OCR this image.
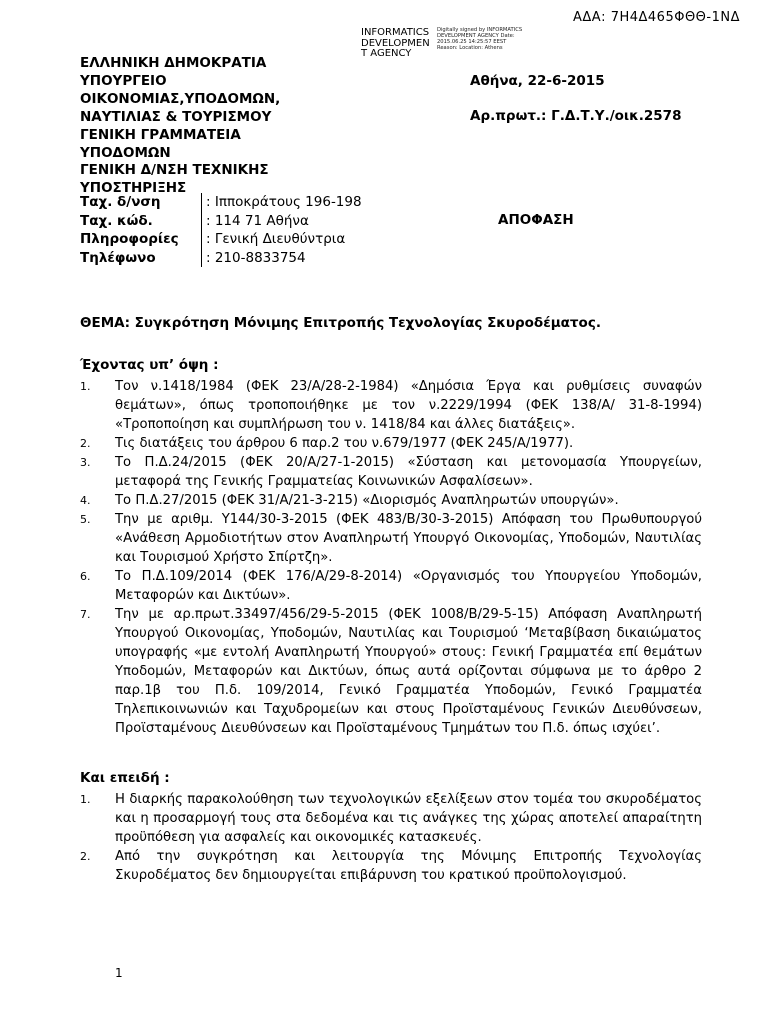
ΑΔΑ: 7Η4Δ465ΦΘΘ-1ΝΔ
INFORMATICS DEVELOPMEN T AGENCY
Digitally signed by INFORMATICS DEVELOPMENT AGENCY Date: 2015.06.25 14:25:57 EEST Reason: Location: Athens
ΕΛΛΗΝΙΚΗ ΔΗΜΟΚΡΑΤΙΑ
ΥΠΟΥΡΓΕΙΟ
ΟΙΚΟΝΟΜΙΑΣ,ΥΠΟΔΟΜΩΝ,
ΝΑΥΤΙΛΙΑΣ & ΤΟΥΡΙΣΜΟΥ
ΓΕΝΙΚΗ ΓΡΑΜΜΑΤΕΙΑ
ΥΠΟΔΟΜΩΝ
ΓΕΝΙΚΗ Δ/ΝΣΗ ΤΕΧΝΙΚΗΣ
ΥΠΟΣΤΗΡΙΞΗΣ
Αθήνα, 22-6-2015
Αρ.πρωτ.: Γ.Δ.Τ.Υ./οικ.2578
Ταχ. δ/νση	: Ιπποκράτους 196-198
Ταχ. κώδ.	: 114 71 Αθήνα
Πληροφορίες	: Γενική Διευθύντρια
Τηλέφωνο	: 210-8833754
ΑΠΟΦΑΣΗ
ΘΕΜΑ: Συγκρότηση Μόνιμης Επιτροπής Τεχνολογίας Σκυροδέματος.
Έχοντας υπ’ όψη :
1. Τον ν.1418/1984 (ΦΕΚ 23/Α/28-2-1984) «Δημόσια Έργα και ρυθμίσεις συναφών θεμάτων», όπως τροποποιήθηκε με τον ν.2229/1994 (ΦΕΚ 138/Α/ 31-8-1994) «Τροποποίηση και συμπλήρωση του ν. 1418/84 και άλλες διατάξεις».
2. Τις διατάξεις του άρθρου 6 παρ.2 του ν.679/1977 (ΦΕΚ 245/Α/1977).
3. Το Π.Δ.24/2015 (ΦΕΚ 20/Α/27-1-2015) «Σύσταση και μετονομασία Υπουργείων, μεταφορά της Γενικής Γραμματείας Κοινωνικών Ασφαλίσεων».
4. Το Π.Δ.27/2015 (ΦΕΚ 31/Α/21-3-215) «Διορισμός Αναπληρωτών υπουργών».
5. Την με αριθμ. Υ144/30-3-2015 (ΦΕΚ 483/Β/30-3-2015) Απόφαση του Πρωθυπουργού «Ανάθεση Αρμοδιοτήτων στον Αναπληρωτή Υπουργό Οικονομίας, Υποδομών, Ναυτιλίας και Τουρισμού Χρήστο Σπίρτζη».
6. Το Π.Δ.109/2014 (ΦΕΚ 176/Α/29-8-2014) «Οργανισμός του Υπουργείου Υποδομών, Μεταφορών και Δικτύων».
7. Την με αρ.πρωτ.33497/456/29-5-2015 (ΦΕΚ 1008/Β/29-5-15) Απόφαση Αναπληρωτή Υπουργού Οικονομίας, Υποδομών, Ναυτιλίας και Τουρισμού ‘Μεταβίβαση δικαιώματος υπογραφής «με εντολή Αναπληρωτή Υπουργού» στους: Γενική Γραμματέα επί θεμάτων Υποδομών, Μεταφορών και Δικτύων, όπως αυτά ορίζονται σύμφωνα με το άρθρο 2 παρ.1β του Π.δ. 109/2014, Γενικό Γραμματέα Υποδομών, Γενικό Γραμματέα Τηλεπικοινωνιών και Ταχυδρομείων και στους Προϊσταμένους Γενικών Διευθύνσεων, Προϊσταμένους Διευθύνσεων και Προϊσταμένους Τμημάτων του Π.δ. όπως ισχύει’.
Και επειδή :
1. Η διαρκής παρακολούθηση των τεχνολογικών εξελίξεων στον τομέα του σκυροδέματος και η προσαρμογή τους στα δεδομένα και τις ανάγκες της χώρας αποτελεί απαραίτητη προϋπόθεση για ασφαλείς και οικονομικές κατασκευές.
2. Από την συγκρότηση και λειτουργία της Μόνιμης Επιτροπής Τεχνολογίας Σκυροδέματος δεν δημιουργείται επιβάρυνση του κρατικού προϋπολογισμού.
1
